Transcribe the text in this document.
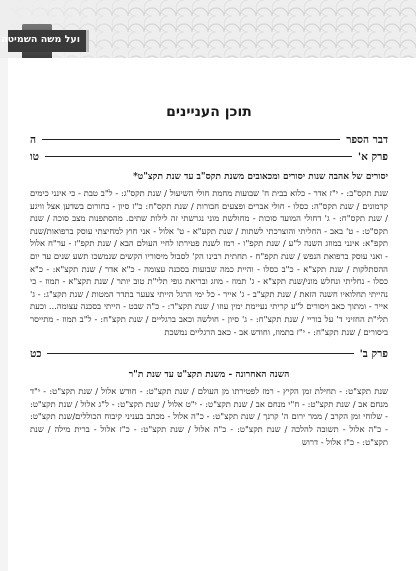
ועל משה השמיטה
תוכן העניינים
דבר הספר
ה
פרק א'
טו
יסורים של אהבה שנות יסורים ומכאובים משנת תקס"ב עד שנת תקצ"ט*

שנת תקס"ב: - י"ז אדר - כלוא בבית ח' שבועות מחמת חולי השיעול / שנת תקס"ג: - ל"ב טבת - כי אינני כימים קדמונים / שנת תקס"ה: כסלו - חולי אברים ופצעים חבורות / שנת תקס"ח: כ"ז סיון - בחורום בשדען אצל וויגע / שנת תקס"ח: - ג' דחולי המועד סוכות - מחולשת מוני נגרשתי זה לילות שתים. מהסתפנות מצב סוכה / שנת תקס"ט: - ט' באב - החליתי והוצרכתי לשתות / שנת תקע"א - ט' אלול - אני חוץ למחיצתי עוסק ברפואות/שנת תקפ"א: אינני במוזג השנה ל"ע / שנת תקפ"ו - רמז לשנת פטירתו לחיי העולם הבא / שנת תקפ"ז - ער"ח אלול - ואני עוסק ברפואת הנפש / שנת תקפ"ח - תחתית רבינו הק' לסבול מיסוריו הקשים שנמשכו תשע שנים עד יום ההסתלקות / שנת תקצ"א - כ"ב כסלו - והיית כמה שבועות בסכנה עצומה - כ"א אדר / שנת תקצ"א: - כ"א כסלו - נחליתי ונחלש מוני/שנת תקצ"א - ג' תמוז - מוזג ובריאת גופי תלי"ת טוב יותר / שנת תקצ"א - תמוז - כי נהייתי תחלואיו חשנה הזאת / שנת תקצ"ב - ג' אייר - כל ימי הרגל הייתי צעער בתדר המטות / שנת תקצ"ג: - ג' אייר - ומתוך כאב ויסורים ל"ע קריתי נעיימת ימין עוזו / שנת תקצ"ד: - כ"ה שבט - הייתי בסכנה עצומה... וכעת תלי"ת החזיני ד' על בוריי / שנת תקצ"ח: - ג' סיון - חולשה וכאב ברגליים / שנת תקצ"ח: - ל"ב תמוז - מתייסר ביסורים / שנת תקצ"ח: - י"ז בתמוז, וחודש אב - כאב הרגליים נמשכת

פרק ב'
כט
השנה האחרונה - משנת תקצ"ט עד שנת ת"ר

שנת תקצ"ט: - תחילת זמן הקיץ - רמז לפטירתו מן העולם / שנת תקצ"ט: - חודש אלול / שנת תקצ"ט: - י"ד מנחם אב / שנת תקצ"ט: - ח"י מנחם אב / שנת תקצ"ט: - י"ט אלול / שנת תקצ"ט: - ל"ג אלול / שנת תקצ"ט: - שלוחי זמן הקרב / ממר ירום ה' קרנך / שנת תקצ"ט: - כ"ה אלול - מכתב בעניני קיבוח הכוללים/שנת תקצ"ט: - כ"ה אלול - תשובה להלכה / שנת תקצ"ט: - כ"ה אלול / שנת תקצ"ט: - כ"ז אלול - ברית מילה / שנת תקצ"ט: - כ"ז אלול - דרוש
